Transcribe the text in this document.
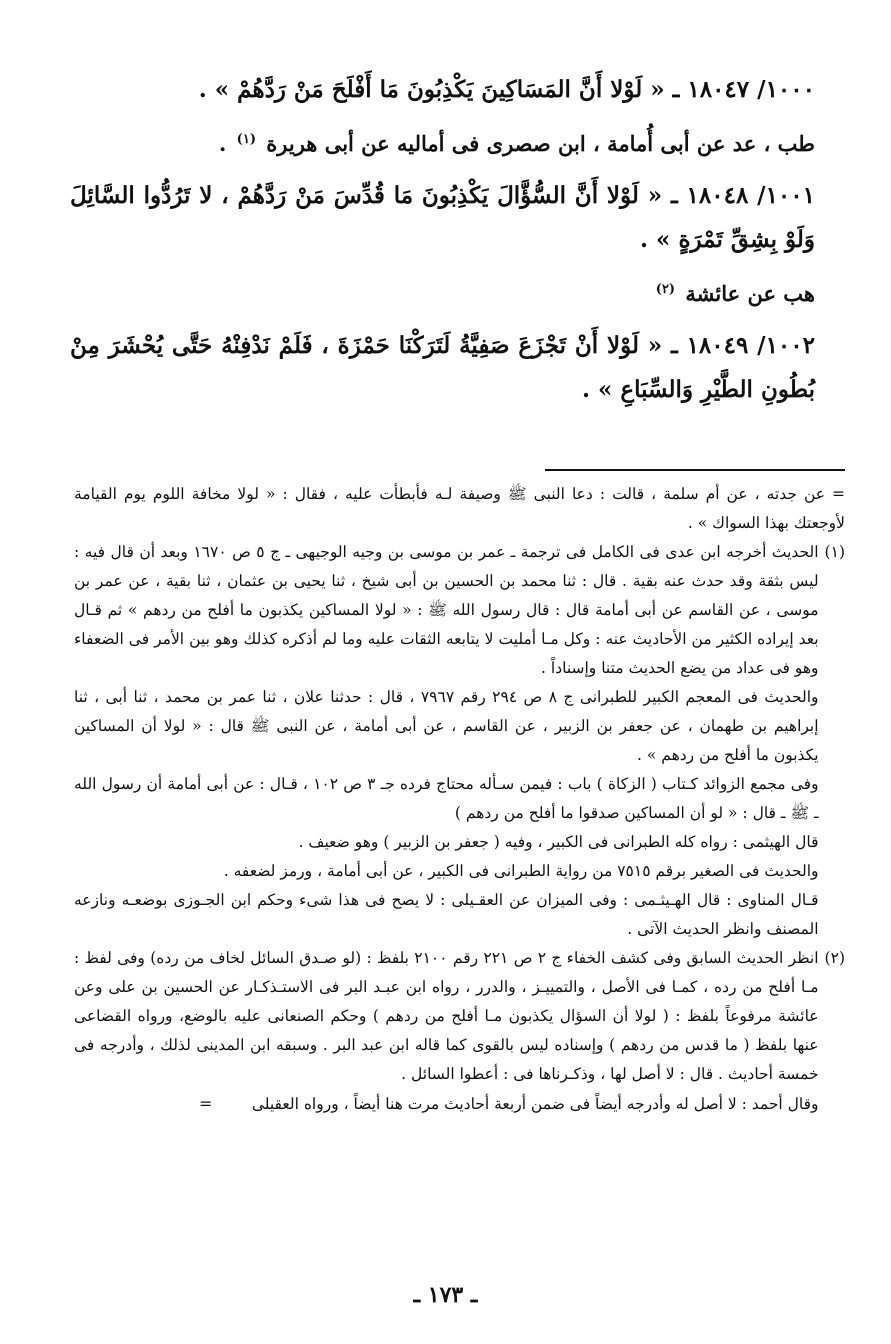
١٠٠٠/ ١٨٠٤٧ ـ « لَوْلا أَنَّ المَسَاكِينَ يَكْذِبُونَ مَا أَفْلَحَ مَنْ رَدَّهُمْ » .
طب ، عد عن أبى أُمامة ، ابن صصرى فى أماليه عن أبى هريرة $^{(١)}$ .
١٠٠١/ ١٨٠٤٨ ـ « لَوْلا أَنَّ السُّؤَّالَ يَكْذِبُونَ مَا قُدِّسَ مَنْ رَدَّهُمْ ، لا تَرُدُّوا السَّائِلَ وَلَوْ بِشِقِّ تَمْرَةٍ » .
هب عن عائشة $^{(٢)}$
١٠٠٢/ ١٨٠٤٩ ـ « لَوْلا أَنْ تَجْزَعَ صَفِيَّةُ لَتَرَكْنَا حَمْزَةَ ، فَلَمْ نَدْفِنْهُ حَتَّى يُحْشَرَ مِنْ بُطُونِ الطَّيْرِ وَالسِّبَاعِ » .

= عن جدته ، عن أم سلمة ، قالت : دعا النبى ﷺ وصيفة لـه فأبطأت عليه ، فقال : « لولا مخافة اللوم يوم القيامة لأوجعتك بهذا السواك » .

(١)

الحديث أخرجه ابن عدى فى الكامل فى ترجمة ـ عمر بن موسى بن وجيه الوجيهى ـ ج ٥ ص ١٦٧٠ وبعد أن قال فيه : ليس بثقة وقد حدث عنه بقية . قال : ثنا محمد بن الحسين بن أبى شيخ ، ثنا يحيى بن عثمان ، ثنا بقية ، عن عمر بن موسى ، عن القاسم عن أبى أمامة قال : قال رسول الله ﷺ : « لولا المساكين يكذبون ما أفلح من ردهم » ثم قـال بعد إيراده الكثير من الأحاديث عنه : وكل مـا أمليت لا يتابعه الثقات عليه وما لم أذكره كذلك وهو بين الأمر فى الضعفاء وهو فى عداد من يضع الحديث متنا وإسناداً .

والحديث فى المعجم الكبير للطبرانى ج ٨ ص ٢٩٤ رقم ٧٩٦٧ ، قال : حدثنا علان ، ثنا عمر بن محمد ، ثنا أبى ، ثنا إبراهيم بن طهمان ، عن جعفر بن الزبير ، عن القاسم ، عن أبى أمامة ، عن النبى ﷺ قال : « لولا أن المساكين يكذبون ما أفلح من ردهم » .

وفى مجمع الزوائد كـتاب ( الزكاة ) باب : فيمن سـأله محتاج فرده جـ ٣ ص ١٠٢ ، قـال : عن أبى أمامة أن رسول الله ـ ﷺ ـ قال : « لو أن المساكين صدقوا ما أفلح من ردهم )

قال الهيثمى : رواه كله الطبرانى فى الكبير ، وفيه ( جعفر بن الزبير ) وهو ضعيف .

والحديث فى الصغير برقم ٧٥١٥ من رواية الطبرانى فى الكبير ، عن أبى أمامة ، ورمز لضعفه .

قـال المناوى : قال الهـيثـمى : وفى الميزان عن العقـيلى : لا يصح فى هذا شىء وحكم ابن الجـوزى بوضعـه ونازعه المصنف وانظر الحديث الآتى .

(٢)

انظر الحديث السابق وفى كشف الخفاء ج ٢ ص ٢٢١ رقم ٢١٠٠ بلفظ : (لو صـدق السائل لخاف من رده) وفى لفظ : مـا أفلح من رده ، كمـا فى الأصل ، والتمييـز ، والدرر ، رواه ابن عبـد البر فى الاستـذكـار عن الحسين بن على وعن عائشة مرفوعاً بلفظ : ( لولا أن السؤال يكذبون مـا أفلح من ردهم ) وحكم الصنعانى عليه بالوضع، ورواه القضاعى عنها بلفظ ( ما قدس من ردهم ) وإسناده ليس بالقوى كما قاله ابن عبد البر . وسبقه ابن المدينى لذلك ، وأدرجه فى خمسة أحاديث . قال : لا أصل لها ، وذكـرناها فى : أعطوا السائل .

وقال أحمد : لا أصل له وأدرجه أيضاً فى ضمن أربعة أحاديث مرت هنا أيضاً ، ورواه العقيلى        =

ـ ١٧٣ ـ
